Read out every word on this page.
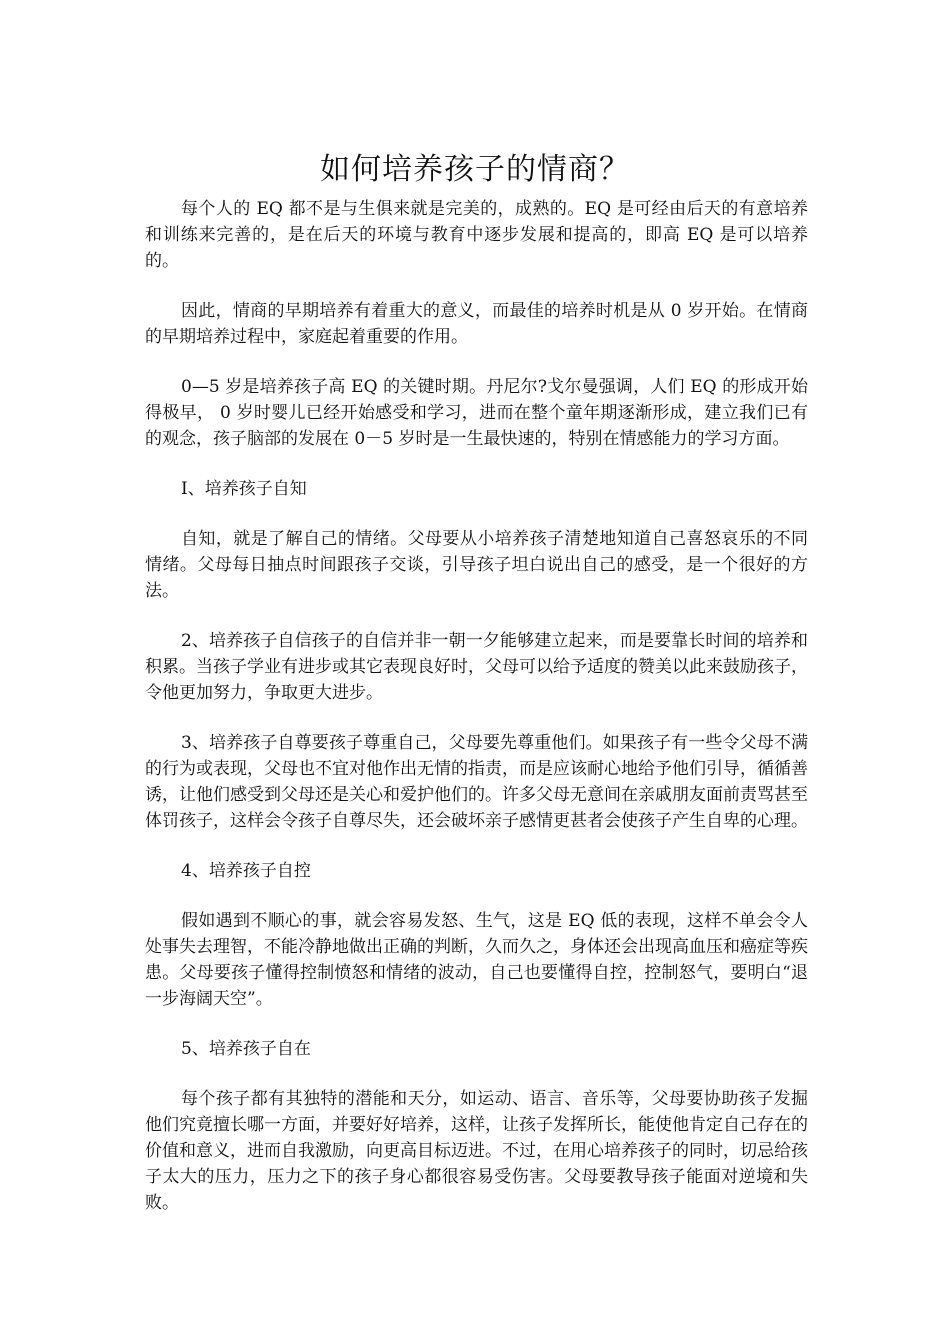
如何培养孩子的情商？

每个人的 EQ 都不是与生俱来就是完美的，成熟的。EQ 是可经由后天的有意培养和训练来完善的，是在后天的环境与教育中逐步发展和提高的，即高 EQ 是可以培养的。

因此，情商的早期培养有着重大的意义，而最佳的培养时机是从 0 岁开始。在情商的早期培养过程中，家庭起着重要的作用。

0—5 岁是培养孩子高 EQ 的关键时期。丹尼尔?戈尔曼强调，人们 EQ 的形成开始得极早， 0 岁时婴儿已经开始感受和学习，进而在整个童年期逐渐形成，建立我们已有的观念，孩子脑部的发展在 0－5 岁时是一生最快速的，特别在情感能力的学习方面。

I、培养孩子自知

自知，就是了解自己的情绪。父母要从小培养孩子清楚地知道自己喜怒哀乐的不同情绪。父母每日抽点时间跟孩子交谈，引导孩子坦白说出自己的感受，是一个很好的方法。

2、培养孩子自信孩子的自信并非一朝一夕能够建立起来，而是要靠长时间的培养和积累。当孩子学业有进步或其它表现良好时，父母可以给予适度的赞美以此来鼓励孩子，令他更加努力，争取更大进步。

3、培养孩子自尊要孩子尊重自己，父母要先尊重他们。如果孩子有一些令父母不满的行为或表现，父母也不宜对他作出无情的指责，而是应该耐心地给予他们引导，循循善诱，让他们感受到父母还是关心和爱护他们的。许多父母无意间在亲戚朋友面前责骂甚至体罚孩子，这样会令孩子自尊尽失，还会破坏亲子感情更甚者会使孩子产生自卑的心理。

4、培养孩子自控

假如遇到不顺心的事，就会容易发怒、生气，这是 EQ 低的表现，这样不单会令人处事失去理智，不能冷静地做出正确的判断，久而久之，身体还会出现高血压和癌症等疾患。父母要孩子懂得控制愤怒和情绪的波动，自己也要懂得自控，控制怒气，要明白“退一步海阔天空”。

5、培养孩子自在

每个孩子都有其独特的潜能和天分，如运动、语言、音乐等，父母要协助孩子发掘他们究竟擅长哪一方面，并要好好培养，这样，让孩子发挥所长，能使他肯定自己存在的价值和意义，进而自我激励，向更高目标迈进。不过，在用心培养孩子的同时，切忌给孩子太大的压力，压力之下的孩子身心都很容易受伤害。父母要教导孩子能面对逆境和失败。
